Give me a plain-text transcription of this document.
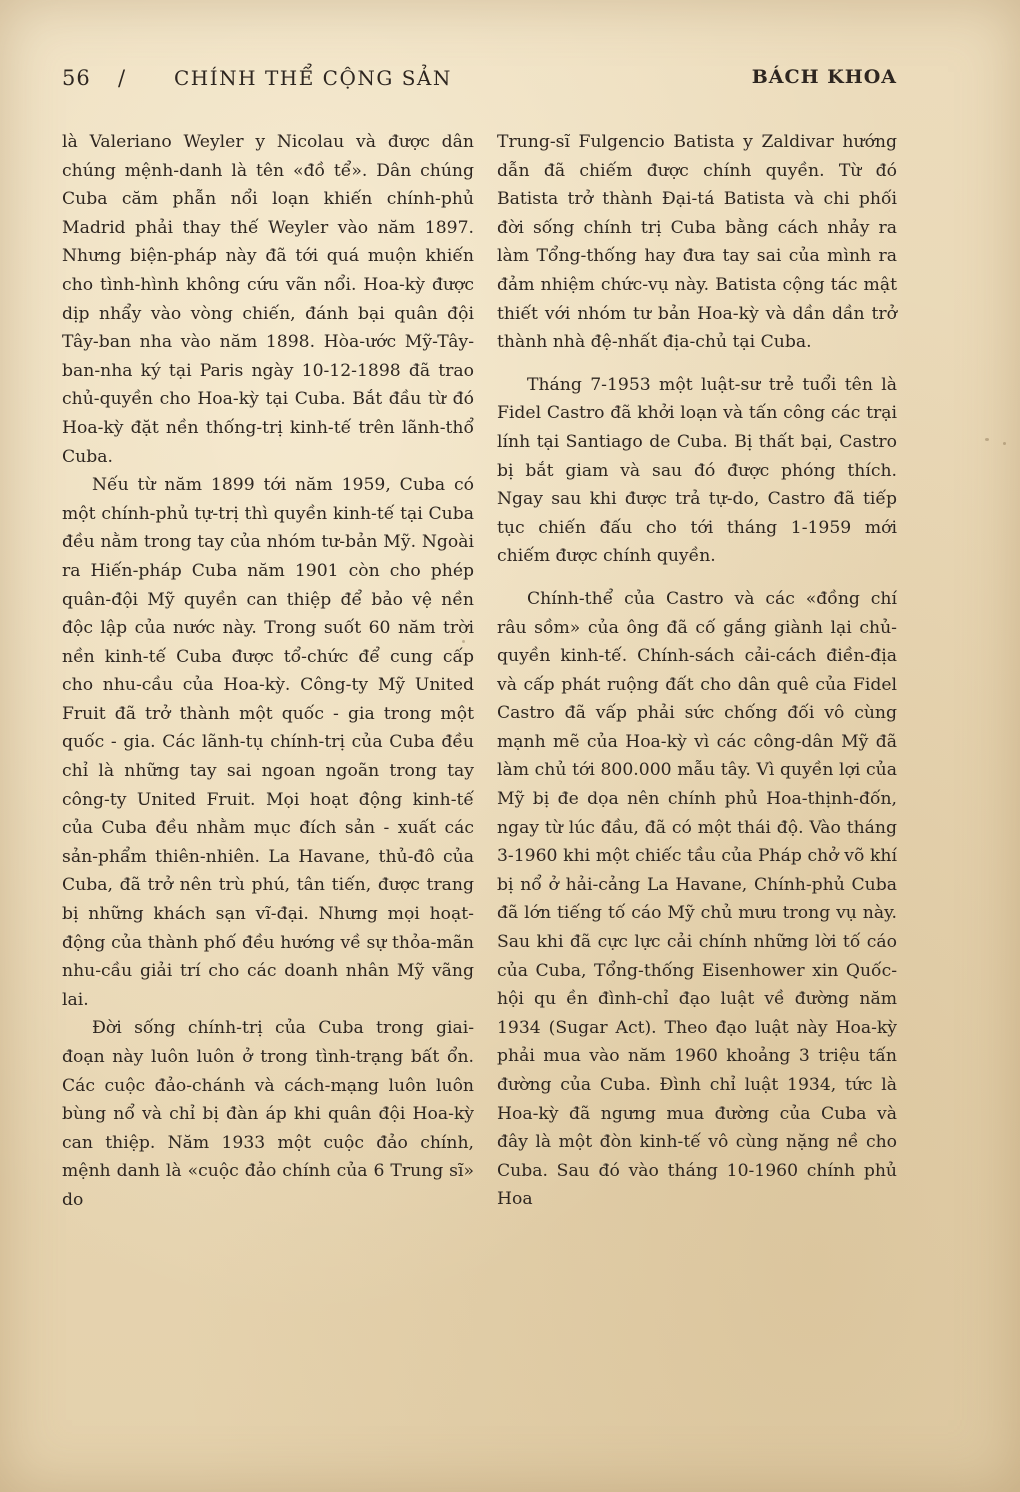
56 / CHÍNH THỂ CỘNG SẢN	BÁCH KHOA

là Valeriano Weyler y Nicolau và được dân chúng mệnh-danh là tên «đồ tể». Dân chúng Cuba căm phẫn nổi loạn khiến chính-phủ Madrid phải thay thế Weyler vào năm 1897. Nhưng biện-pháp này đã tới quá muộn khiến cho tình-hình không cứu vãn nổi. Hoa-kỳ được dịp nhẩy vào vòng chiến, đánh bại quân đội Tây-ban nha vào năm 1898. Hòa-ước Mỹ-Tây-ban-nha ký tại Paris ngày 10-12-1898 đã trao chủ-quyền cho Hoa-kỳ tại Cuba. Bắt đầu từ đó Hoa-kỳ đặt nền thống-trị kinh-tế trên lãnh-thổ Cuba.

Nếu từ năm 1899 tới năm 1959, Cuba có một chính-phủ tự-trị thì quyền kinh-tế tại Cuba đều nằm trong tay của nhóm tư-bản Mỹ. Ngoài ra Hiến-pháp Cuba năm 1901 còn cho phép quân-đội Mỹ quyền can thiệp để bảo vệ nền độc lập của nước này. Trong suốt 60 năm trời nền kinh-tế Cuba được tổ-chức để cung cấp cho nhu-cầu của Hoa-kỳ. Công-ty Mỹ United Fruit đã trở thành một quốc - gia trong một quốc - gia. Các lãnh-tụ chính-trị của Cuba đều chỉ là những tay sai ngoan ngoãn trong tay công-ty United Fruit. Mọi hoạt động kinh-tế của Cuba đều nhằm mục đích sản - xuất các sản-phẩm thiên-nhiên. La Havane, thủ-đô của Cuba, đã trở nên trù phú, tân tiến, được trang bị những khách sạn vĩ-đại. Nhưng mọi hoạt-động của thành phố đều hướng về sự thỏa-mãn nhu-cầu giải trí cho các doanh nhân Mỹ vãng lai.

Đời sống chính-trị của Cuba trong giai-đoạn này luôn luôn ở trong tình-trạng bất ổn. Các cuộc đảo-chánh và cách-mạng luôn luôn bùng nổ và chỉ bị đàn áp khi quân đội Hoa-kỳ can thiệp. Năm 1933 một cuộc đảo chính, mệnh danh là «cuộc đảo chính của 6 Trung sĩ» do

Trung-sĩ Fulgencio Batista y Zaldivar hướng dẫn đã chiếm được chính quyền. Từ đó Batista trở thành Đại-tá Batista và chi phối đời sống chính trị Cuba bằng cách nhảy ra làm Tổng-thống hay đưa tay sai của mình ra đảm nhiệm chức-vụ này. Batista cộng tác mật thiết với nhóm tư bản Hoa-kỳ và dần dần trở thành nhà đệ-nhất địa-chủ tại Cuba.

Tháng 7-1953 một luật-sư trẻ tuổi tên là Fidel Castro đã khởi loạn và tấn công các trại lính tại Santiago de Cuba. Bị thất bại, Castro bị bắt giam và sau đó được phóng thích. Ngay sau khi được trả tự-do, Castro đã tiếp tục chiến đấu cho tới tháng 1-1959 mới chiếm được chính quyền.

Chính-thể của Castro và các «đồng chí râu sồm» của ông đã cố gắng giành lại chủ-quyền kinh-tế. Chính-sách cải-cách điền-địa và cấp phát ruộng đất cho dân quê của Fidel Castro đã vấp phải sức chống đối vô cùng mạnh mẽ của Hoa-kỳ vì các công-dân Mỹ đã làm chủ tới 800.000 mẫu tây. Vì quyền lợi của Mỹ bị đe dọa nên chính phủ Hoa-thịnh-đốn, ngay từ lúc đầu, đã có một thái độ. Vào tháng 3-1960 khi một chiếc tầu của Pháp chở võ khí bị nổ ở hải-cảng La Havane, Chính-phủ Cuba đã lớn tiếng tố cáo Mỹ chủ mưu trong vụ này. Sau khi đã cực lực cải chính những lời tố cáo của Cuba, Tổng-thống Eisenhower xin Quốc-hội qu ền đình-chỉ đạo luật về đường năm 1934 (Sugar Act). Theo đạo luật này Hoa-kỳ phải mua vào năm 1960 khoảng 3 triệu tấn đường của Cuba. Đình chỉ luật 1934, tức là Hoa-kỳ đã ngưng mua đường của Cuba và đây là một đòn kinh-tế vô cùng nặng nề cho Cuba. Sau đó vào tháng 10-1960 chính phủ Hoa
